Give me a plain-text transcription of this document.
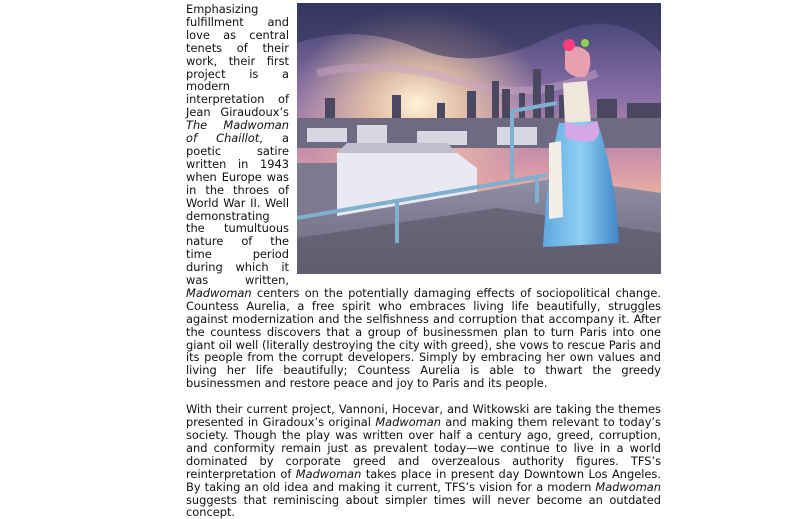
Emphasizing fulfillment and love as central tenets of their work, their first project is a modern interpretation of Jean Giraudoux’s The Madwoman of Chaillot, a poetic satire written in 1943 when Europe was in the throes of World War II. Well demonstrating the tumultuous nature of the time period during which it was written, Madwoman centers on the potentially damaging effects of sociopolitical change. Countess Aurelia, a free spirit who embraces living life beautifully, struggles against modernization and the selfishness and corruption that accompany it. After the countess discovers that a group of businessmen plan to turn Paris into one giant oil well (literally destroying the city with greed), she vows to rescue Paris and its people from the corrupt developers. Simply by embracing her own values and living her life beautifully; Countess Aurelia is able to thwart the greedy businessmen and restore peace and joy to Paris and its people.

With their current project, Vannoni, Hocevar, and Witkowski are taking the themes presented in Giradoux’s original Madwoman and making them relevant to today’s society. Though the play was written over half a century ago, greed, corruption, and conformity remain just as prevalent today—we continue to live in a world dominated by corporate greed and overzealous authority figures. TFS’s reinterpretation of Madwoman takes place in present day Downtown Los Angeles. By taking an old idea and making it current, TFS’s vision for a modern Madwoman suggests that reminiscing about simpler times will never become an outdated concept.
